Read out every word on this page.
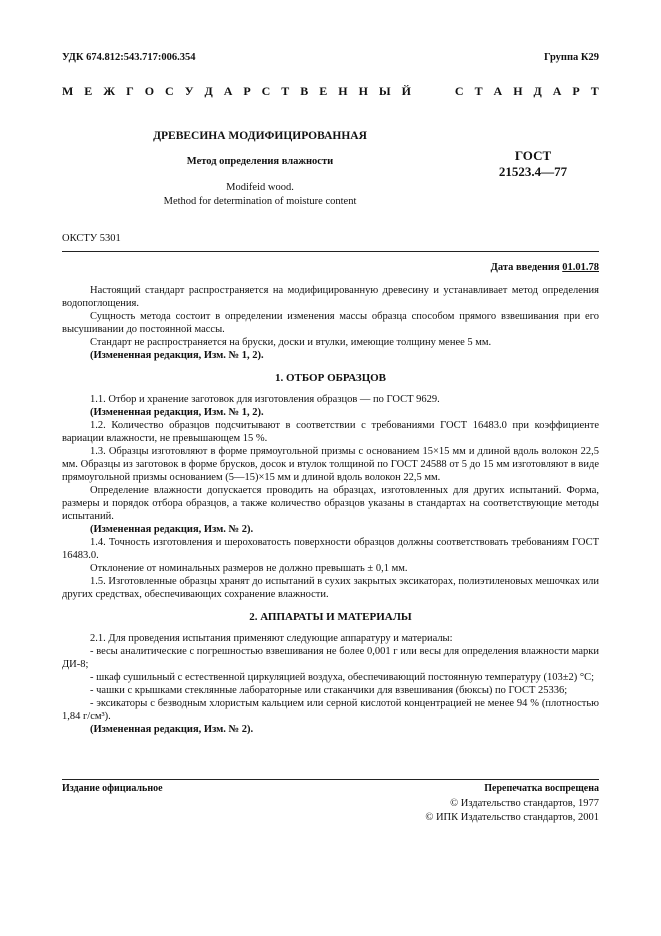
УДК 674.812:543.717:006.354	Группа К29
М Е Ж Г О С У Д А Р С Т В Е Н Н Ы Й	С Т А Н Д А Р Т
ДРЕВЕСИНА МОДИФИЦИРОВАННАЯ
Метод определения влажности
Modifeid wood.
Method for determination of moisture content
ГОСТ
21523.4—77
ОКСТУ 5301
Дата введения 01.01.78

Настоящий стандарт распространяется на модифицированную древесину и устанавливает метод определения водопоглощения.

Сущность метода состоит в определении изменения массы образца способом прямого взвешивания при его высушивании до постоянной массы.

Стандарт не распространяется на бруски, доски и втулки, имеющие толщину менее 5 мм.

(Измененная редакция, Изм. № 1, 2).

1. ОТБОР ОБРАЗЦОВ

1.1. Отбор и хранение заготовок для изготовления образцов — по ГОСТ 9629.

(Измененная редакция, Изм. № 1, 2).

1.2. Количество образцов подсчитывают в соответствии с требованиями ГОСТ 16483.0 при коэффициенте вариации влажности, не превышающем 15 %.

1.3. Образцы изготовляют в форме прямоугольной призмы с основанием 15×15 мм и длиной вдоль волокон 22,5 мм. Образцы из заготовок в форме брусков, досок и втулок толщиной по ГОСТ 24588 от 5 до 15 мм изготовляют в виде прямоугольной призмы основанием (5—15)×15 мм и длиной вдоль волокон 22,5 мм.

Определение влажности допускается проводить на образцах, изготовленных для других испытаний. Форма, размеры и порядок отбора образцов, а также количество образцов указаны в стандартах на соответствующие методы испытаний.

(Измененная редакция, Изм. № 2).

1.4. Точность изготовления и шероховатость поверхности образцов должны соответствовать требованиям ГОСТ 16483.0.

Отклонение от номинальных размеров не должно превышать ± 0,1 мм.

1.5. Изготовленные образцы хранят до испытаний в сухих закрытых эксикаторах, полиэтиленовых мешочках или других средствах, обеспечивающих сохранение влажности.

2. АППАРАТЫ И МАТЕРИАЛЫ

2.1. Для проведения испытания применяют следующие аппаратуру и материалы:

- весы аналитические с погрешностью взвешивания не более 0,001 г или весы для определения влажности марки ДИ-8;

- шкаф сушильный с естественной циркуляцией воздуха, обеспечивающий постоянную температуру (103±2) °С;

- чашки с крышками стеклянные лабораторные или стаканчики для взвешивания (бюксы) по ГОСТ 25336;

- эксикаторы с безводным хлористым кальцием или серной кислотой концентрацией не менее 94 % (плотностью 1,84 г/см³).

(Измененная редакция, Изм. № 2).

Издание официальное	Перепечатка воспрещена
© Издательство стандартов, 1977
© ИПК Издательство стандартов, 2001
